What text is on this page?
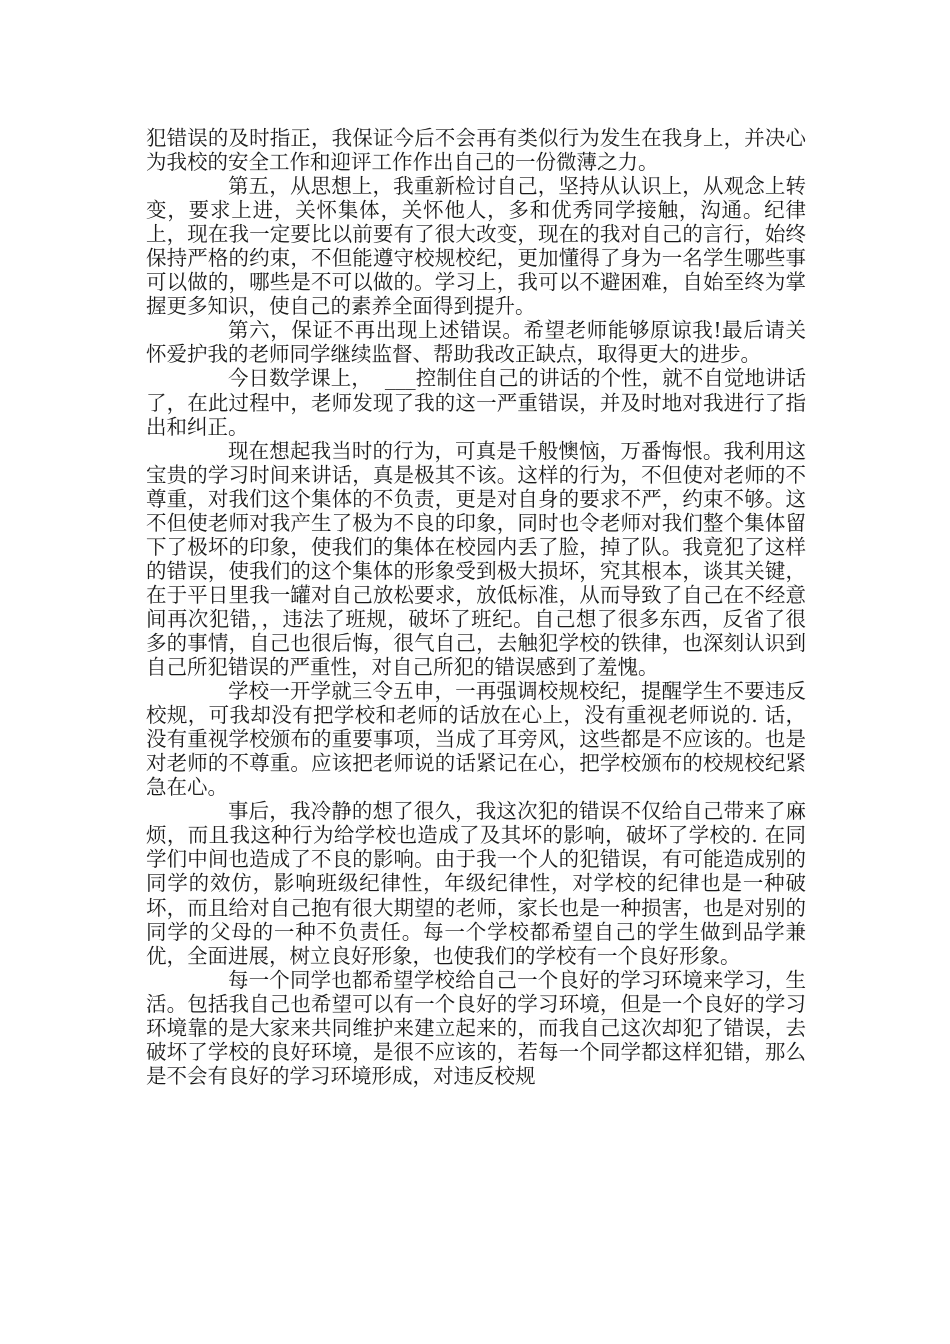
犯错误的及时指正，我保证今后不会再有类似行为发生在我身上，并决心为我校的安全工作和迎评工作作出自己的一份微薄之力。

第五，从思想上，我重新检讨自己，坚持从认识上，从观念上转变，要求上进，关怀集体，关怀他人，多和优秀同学接触，沟通。纪律上，现在我一定要比以前要有了很大改变，现在的我对自己的言行，始终保持严格的约束，不但能遵守校规校纪，更加懂得了身为一名学生哪些事可以做的，哪些是不可以做的。学习上，我可以不避困难，自始至终为掌握更多知识，使自己的素养全面得到提升。

第六，保证不再出现上述错误。希望老师能够原谅我!最后请关怀爱护我的老师同学继续监督、帮助我改正缺点，取得更大的进步。

今日数学课上，  ___控制住自己的讲话的个性，就不自觉地讲话了，在此过程中，老师发现了我的这一严重错误，并及时地对我进行了指出和纠正。

现在想起我当时的行为，可真是千般懊恼，万番悔恨。我利用这宝贵的学习时间来讲话，真是极其不该。这样的行为，不但使对老师的不尊重，对我们这个集体的不负责，更是对自身的要求不严，约束不够。这不但使老师对我产生了极为不良的印象，同时也令老师对我们整个集体留下了极坏的印象，使我们的集体在校园内丢了脸，掉了队。我竟犯了这样的错误，使我们的这个集体的形象受到极大损坏，究其根本，谈其关键，在于平日里我一罐对自己放松要求，放低标准，从而导致了自己在不经意间再次犯错，，违法了班规，破坏了班纪。自己想了很多东西，反省了很多的事情，自己也很后悔，很气自己，去触犯学校的铁律，也深刻认识到自己所犯错误的严重性，对自己所犯的错误感到了羞愧。

学校一开学就三令五申，一再强调校规校纪，提醒学生不要违反校规，可我却没有把学校和老师的话放在心上，没有重视老师说的. 话，没有重视学校颁布的重要事项，当成了耳旁风，这些都是不应该的。也是对老师的不尊重。应该把老师说的话紧记在心，把学校颁布的校规校纪紧急在心。

事后，我冷静的想了很久，我这次犯的错误不仅给自己带来了麻烦，而且我这种行为给学校也造成了及其坏的影响，破坏了学校的. 在同学们中间也造成了不良的影响。由于我一个人的犯错误，有可能造成别的同学的效仿，影响班级纪律性，年级纪律性，对学校的纪律也是一种破坏，而且给对自己抱有很大期望的老师，家长也是一种损害，也是对别的同学的父母的一种不负责任。每一个学校都希望自己的学生做到品学兼优，全面进展，树立良好形象，也使我们的学校有一个良好形象。

每一个同学也都希望学校给自己一个良好的学习环境来学习，生活。包括我自己也希望可以有一个良好的学习环境，但是一个良好的学习环境靠的是大家来共同维护来建立起来的，而我自己这次却犯了错误，去破坏了学校的良好环境，是很不应该的，若每一个同学都这样犯错，那么是不会有良好的学习环境形成，对违反校规
